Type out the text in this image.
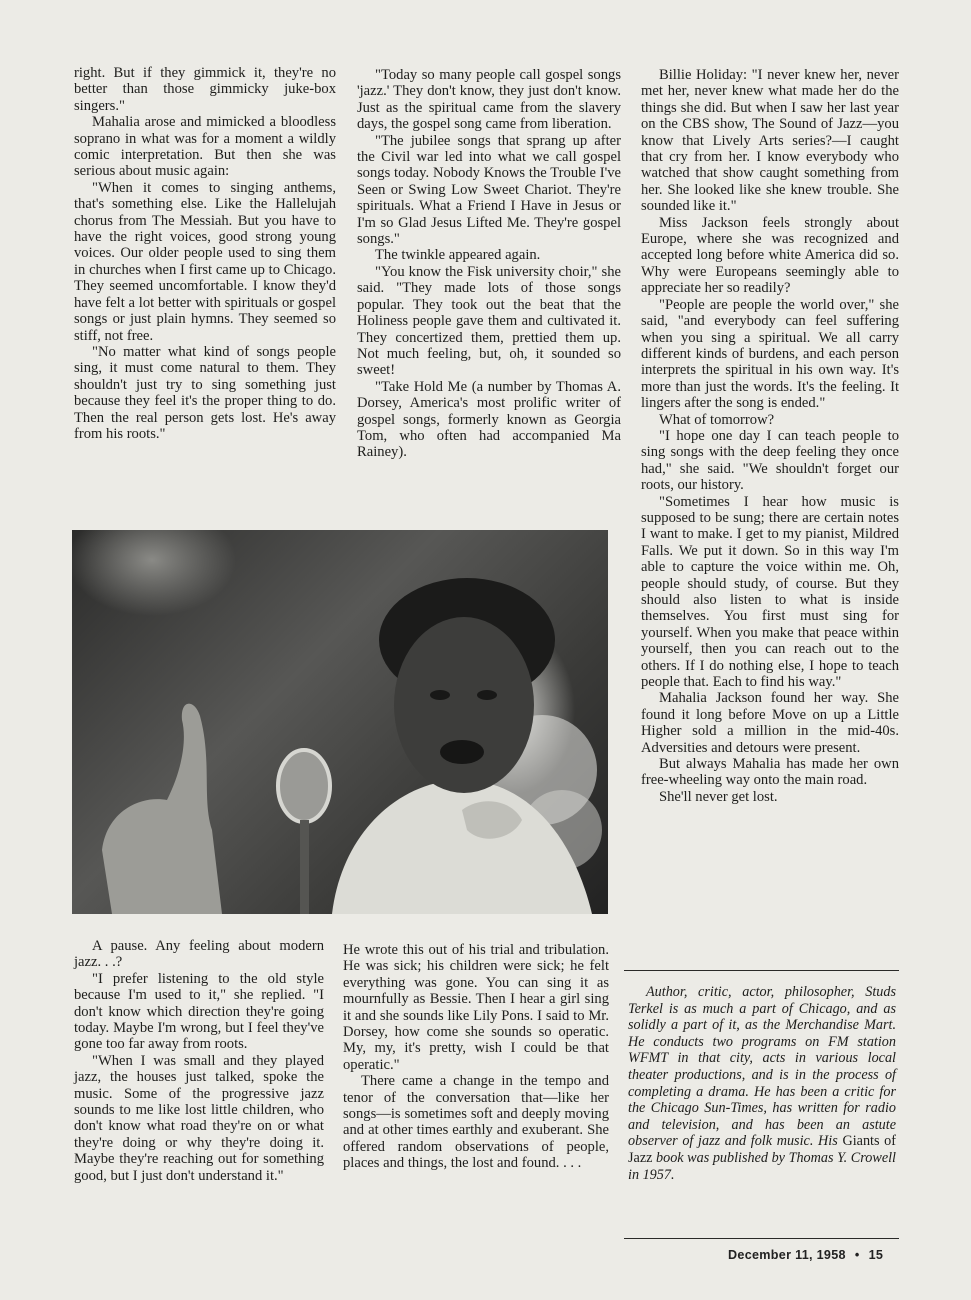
right. But if they gimmick it, they're no better than those gimmicky juke-box singers."

Mahalia arose and mimicked a bloodless soprano in what was for a moment a wildly comic interpretation. But then she was serious about music again:

"When it comes to singing anthems, that's something else. Like the Hallelujah chorus from The Messiah. But you have to have the right voices, good strong young voices. Our older people used to sing them in churches when I first came up to Chicago. They seemed uncomfortable. I know they'd have felt a lot better with spirituals or gospel songs or just plain hymns. They seemed so stiff, not free.

"No matter what kind of songs people sing, it must come natural to them. They shouldn't just try to sing something just because they feel it's the proper thing to do. Then the real person gets lost. He's away from his roots."

"Today so many people call gospel songs 'jazz.' They don't know, they just don't know. Just as the spiritual came from the slavery days, the gospel song came from liberation.

"The jubilee songs that sprang up after the Civil war led into what we call gospel songs today. Nobody Knows the Trouble I've Seen or Swing Low Sweet Chariot. They're spirituals. What a Friend I Have in Jesus or I'm so Glad Jesus Lifted Me. They're gospel songs."

The twinkle appeared again.

"You know the Fisk university choir," she said. "They made lots of those songs popular. They took out the beat that the Holiness people gave them and cultivated it. They concertized them, prettied them up. Not much feeling, but, oh, it sounded so sweet!

"Take Hold Me (a number by Thomas A. Dorsey, America's most prolific writer of gospel songs, formerly known as Georgia Tom, who often had accompanied Ma Rainey).

Billie Holiday: "I never knew her, never met her, never knew what made her do the things she did. But when I saw her last year on the CBS show, The Sound of Jazz—you know that Lively Arts series?—I caught that cry from her. I know everybody who watched that show caught something from her. She looked like she knew trouble. She sounded like it."

Miss Jackson feels strongly about Europe, where she was recognized and accepted long before white America did so. Why were Europeans seemingly able to appreciate her so readily?

"People are people the world over," she said, "and everybody can feel suffering when you sing a spiritual. We all carry different kinds of burdens, and each person interprets the spiritual in his own way. It's more than just the words. It's the feeling. It lingers after the song is ended."

What of tomorrow?

"I hope one day I can teach people to sing songs with the deep feeling they once had," she said. "We shouldn't forget our roots, our history.

"Sometimes I hear how music is supposed to be sung; there are certain notes I want to make. I get to my pianist, Mildred Falls. We put it down. So in this way I'm able to capture the voice within me. Oh, people should study, of course. But they should also listen to what is inside themselves. You first must sing for yourself. When you make that peace within yourself, then you can reach out to the others. If I do nothing else, I hope to teach people that. Each to find his way."

Mahalia Jackson found her way. She found it long before Move on up a Little Higher sold a million in the mid-40s. Adversities and detours were present.

But always Mahalia has made her own free-wheeling way onto the main road.

She'll never get lost.

A pause. Any feeling about modern jazz. . .?

"I prefer listening to the old style because I'm used to it," she replied. "I don't know which direction they're going today. Maybe I'm wrong, but I feel they've gone too far away from roots.

"When I was small and they played jazz, the houses just talked, spoke the music. Some of the progressive jazz sounds to me like lost little children, who don't know what road they're on or what they're doing or why they're doing it. Maybe they're reaching out for something good, but I just don't understand it."

He wrote this out of his trial and tribulation. He was sick; his children were sick; he felt everything was gone. You can sing it as mournfully as Bessie. Then I hear a girl sing it and she sounds like Lily Pons. I said to Mr. Dorsey, how come she sounds so operatic. My, my, it's pretty, wish I could be that operatic."

There came a change in the tempo and tenor of the conversation that—like her songs—is sometimes soft and deeply moving and at other times earthly and exuberant. She offered random observations of people, places and things, the lost and found. . . .

Author, critic, actor, philosopher, Studs Terkel is as much a part of Chicago, and as solidly a part of it, as the Merchandise Mart. He conducts two programs on FM station WFMT in that city, acts in various local theater productions, and is in the process of completing a drama. He has been a critic for the Chicago Sun-Times, has written for radio and television, and has been an astute observer of jazz and folk music. His Giants of Jazz book was published by Thomas Y. Crowell in 1957.

December 11, 1958 • 15
